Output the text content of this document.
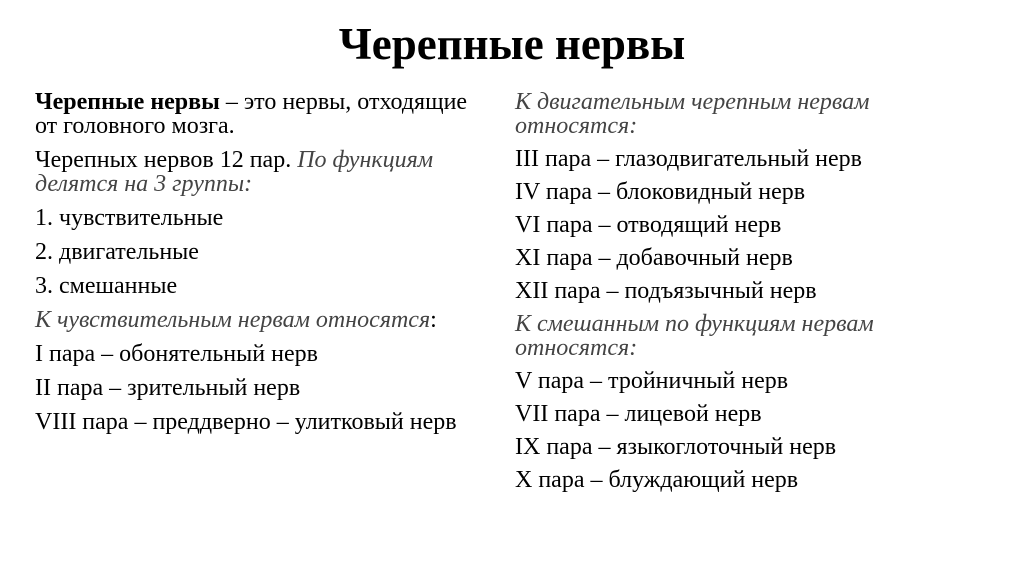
Черепные нервы

Черепные нервы – это нервы, отходящие от головного мозга.

Черепных нервов 12 пар. По функциям делятся на 3 группы:

1. чувствительные

2. двигательные

3. смешанные

К чувствительным нервам относятся:

I пара – обонятельный нерв

II пара – зрительный нерв

VIII пара – преддверно – улитковый нерв

К двигательным черепным нервам относятся:

III пара – глазодвигательный нерв

IV пара – блоковидный нерв

VI пара – отводящий нерв

XI пара – добавочный нерв

XII пара – подъязычный нерв

К смешанным по функциям нервам относятся:

V пара – тройничный нерв

VII пара – лицевой нерв

IX пара – языкоглоточный нерв

X пара – блуждающий нерв
